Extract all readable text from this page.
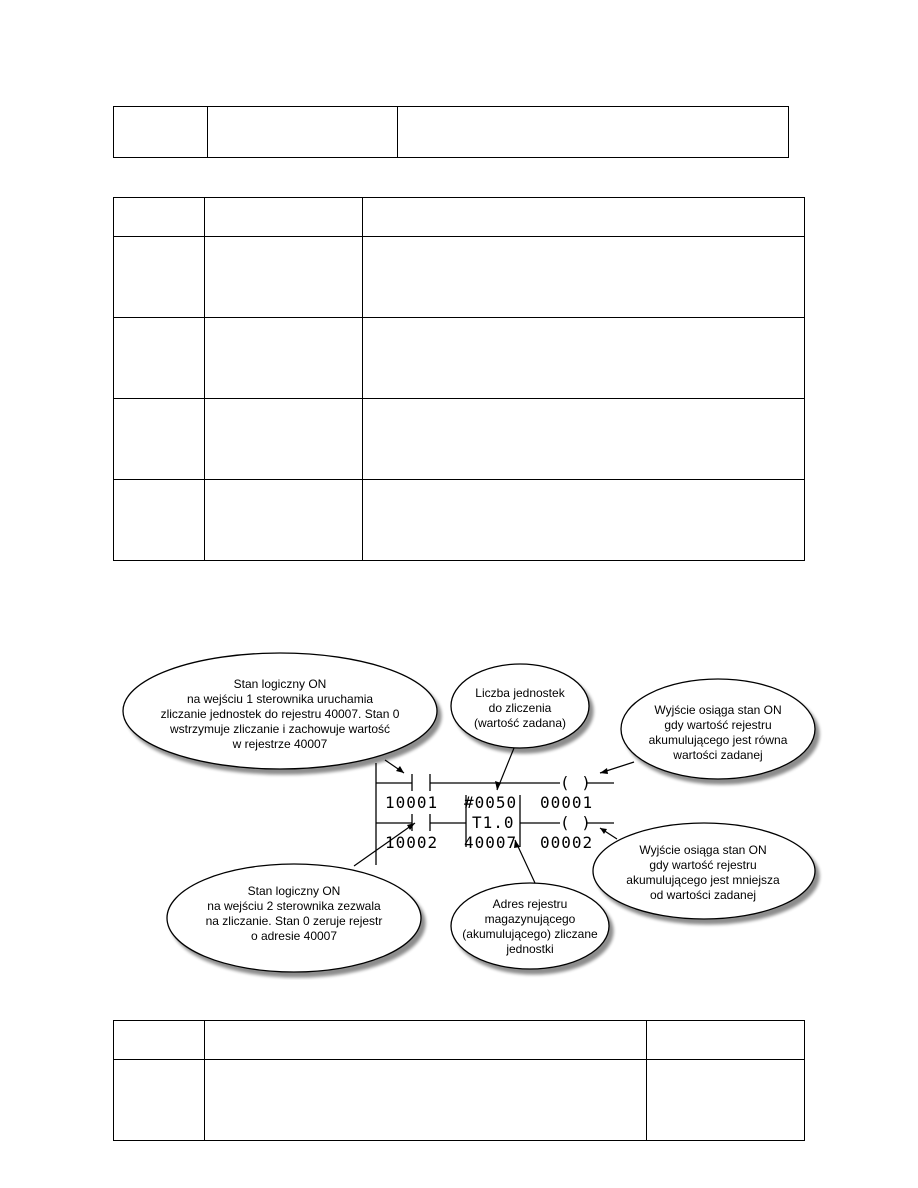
Stan logiczny ON
na wejściu 1 sterownika uruchamia
zliczanie jednostek do rejestru 40007. Stan 0
wstrzymuje zliczanie i zachowuje wartość
w rejestrze 40007
Liczba jednostek
do zliczenia
(wartość zadana)
Wyjście osiąga stan ON
gdy wartość rejestru
akumulującego jest równa
wartości zadanej
Wyjście osiąga stan ON
gdy wartość rejestru
akumulującego jest mniejsza
od wartości zadanej
Stan logiczny ON
na wejściu 2 sterownika zezwala
na zliczanie. Stan 0 zeruje rejestr
o adresie 40007
Adres rejestru
magazynującego
(akumulującego) zliczane
jednostki
10001 #0050 00001
( )
T1.0	( )
10002 40007 00002
